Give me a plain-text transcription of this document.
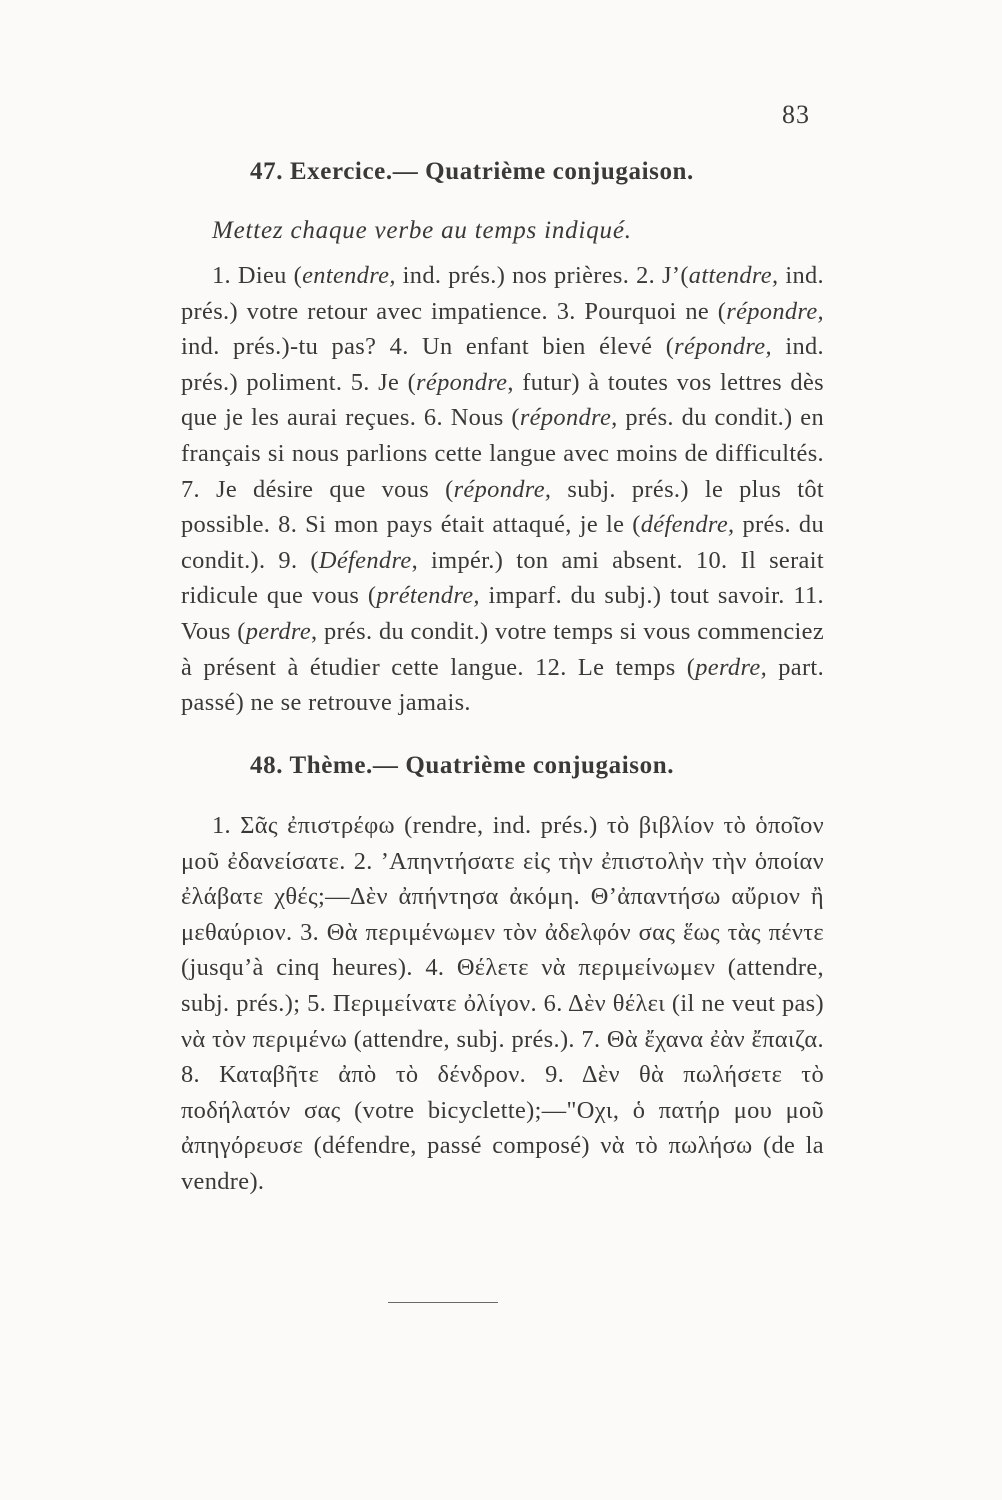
83
47. Exercice.— Quatrième conjugaison.
Mettez chaque verbe au temps indiqué.
1. Dieu (entendre, ind. prés.) nos prières. 2. J’(attendre, ind. prés.) votre retour avec impatience. 3. Pourquoi ne (répondre, ind. prés.)-tu pas? 4. Un enfant bien élevé (répondre, ind. prés.) poliment. 5. Je (répondre, futur) à toutes vos lettres dès que je les aurai reçues. 6. Nous (répondre, prés. du condit.) en français si nous parlions cette langue avec moins de difficultés. 7. Je désire que vous (répondre, subj. prés.) le plus tôt possible. 8. Si mon pays était attaqué, je le (défendre, prés. du condit.). 9. (Défendre, impér.) ton ami absent. 10. Il serait ridicule que vous (prétendre, imparf. du subj.) tout savoir. 11. Vous (perdre, prés. du condit.) votre temps si vous commenciez à présent à étudier cette langue. 12. Le temps (perdre, part. passé) ne se retrouve jamais.
48. Thème.— Quatrième conjugaison.
1. Σᾶς ἐπιστρέφω (rendre, ind. prés.) τὸ βιβλίον τὸ ὁποῖον μοῦ ἐδανείσατε. 2. ’Απηντήσατε εἰς τὴν ἐπιστολὴν τὴν ὁποίαν ἐλάβατε χθές;—Δὲν ἀπήντησα ἀκόμη. Θ’ἀπαντήσω αὔριον ἢ μεθαύριον. 3. Θὰ περιμένωμεν τὸν ἀδελφόν σας ἕως τὰς πέντε (jusqu’à cinq heures). 4. Θέλετε νὰ περιμείνωμεν (attendre, subj. prés.); 5. Περιμείνατε ὀλίγον. 6. Δὲν θέλει (il ne veut pas) νὰ τὸν περιμένω (attendre, subj. prés.). 7. Θὰ ἔχανα ἐὰν ἔπαιζα. 8. Καταβῆτε ἀπὸ τὸ δένδρον. 9. Δὲν θὰ πωλήσετε τὸ ποδήλατόν σας (votre bicyclette);—"Οχι, ὁ πατήρ μου μοῦ ἀπηγόρευσε (défendre, passé composé) νὰ τὸ πωλήσω (de la vendre).
